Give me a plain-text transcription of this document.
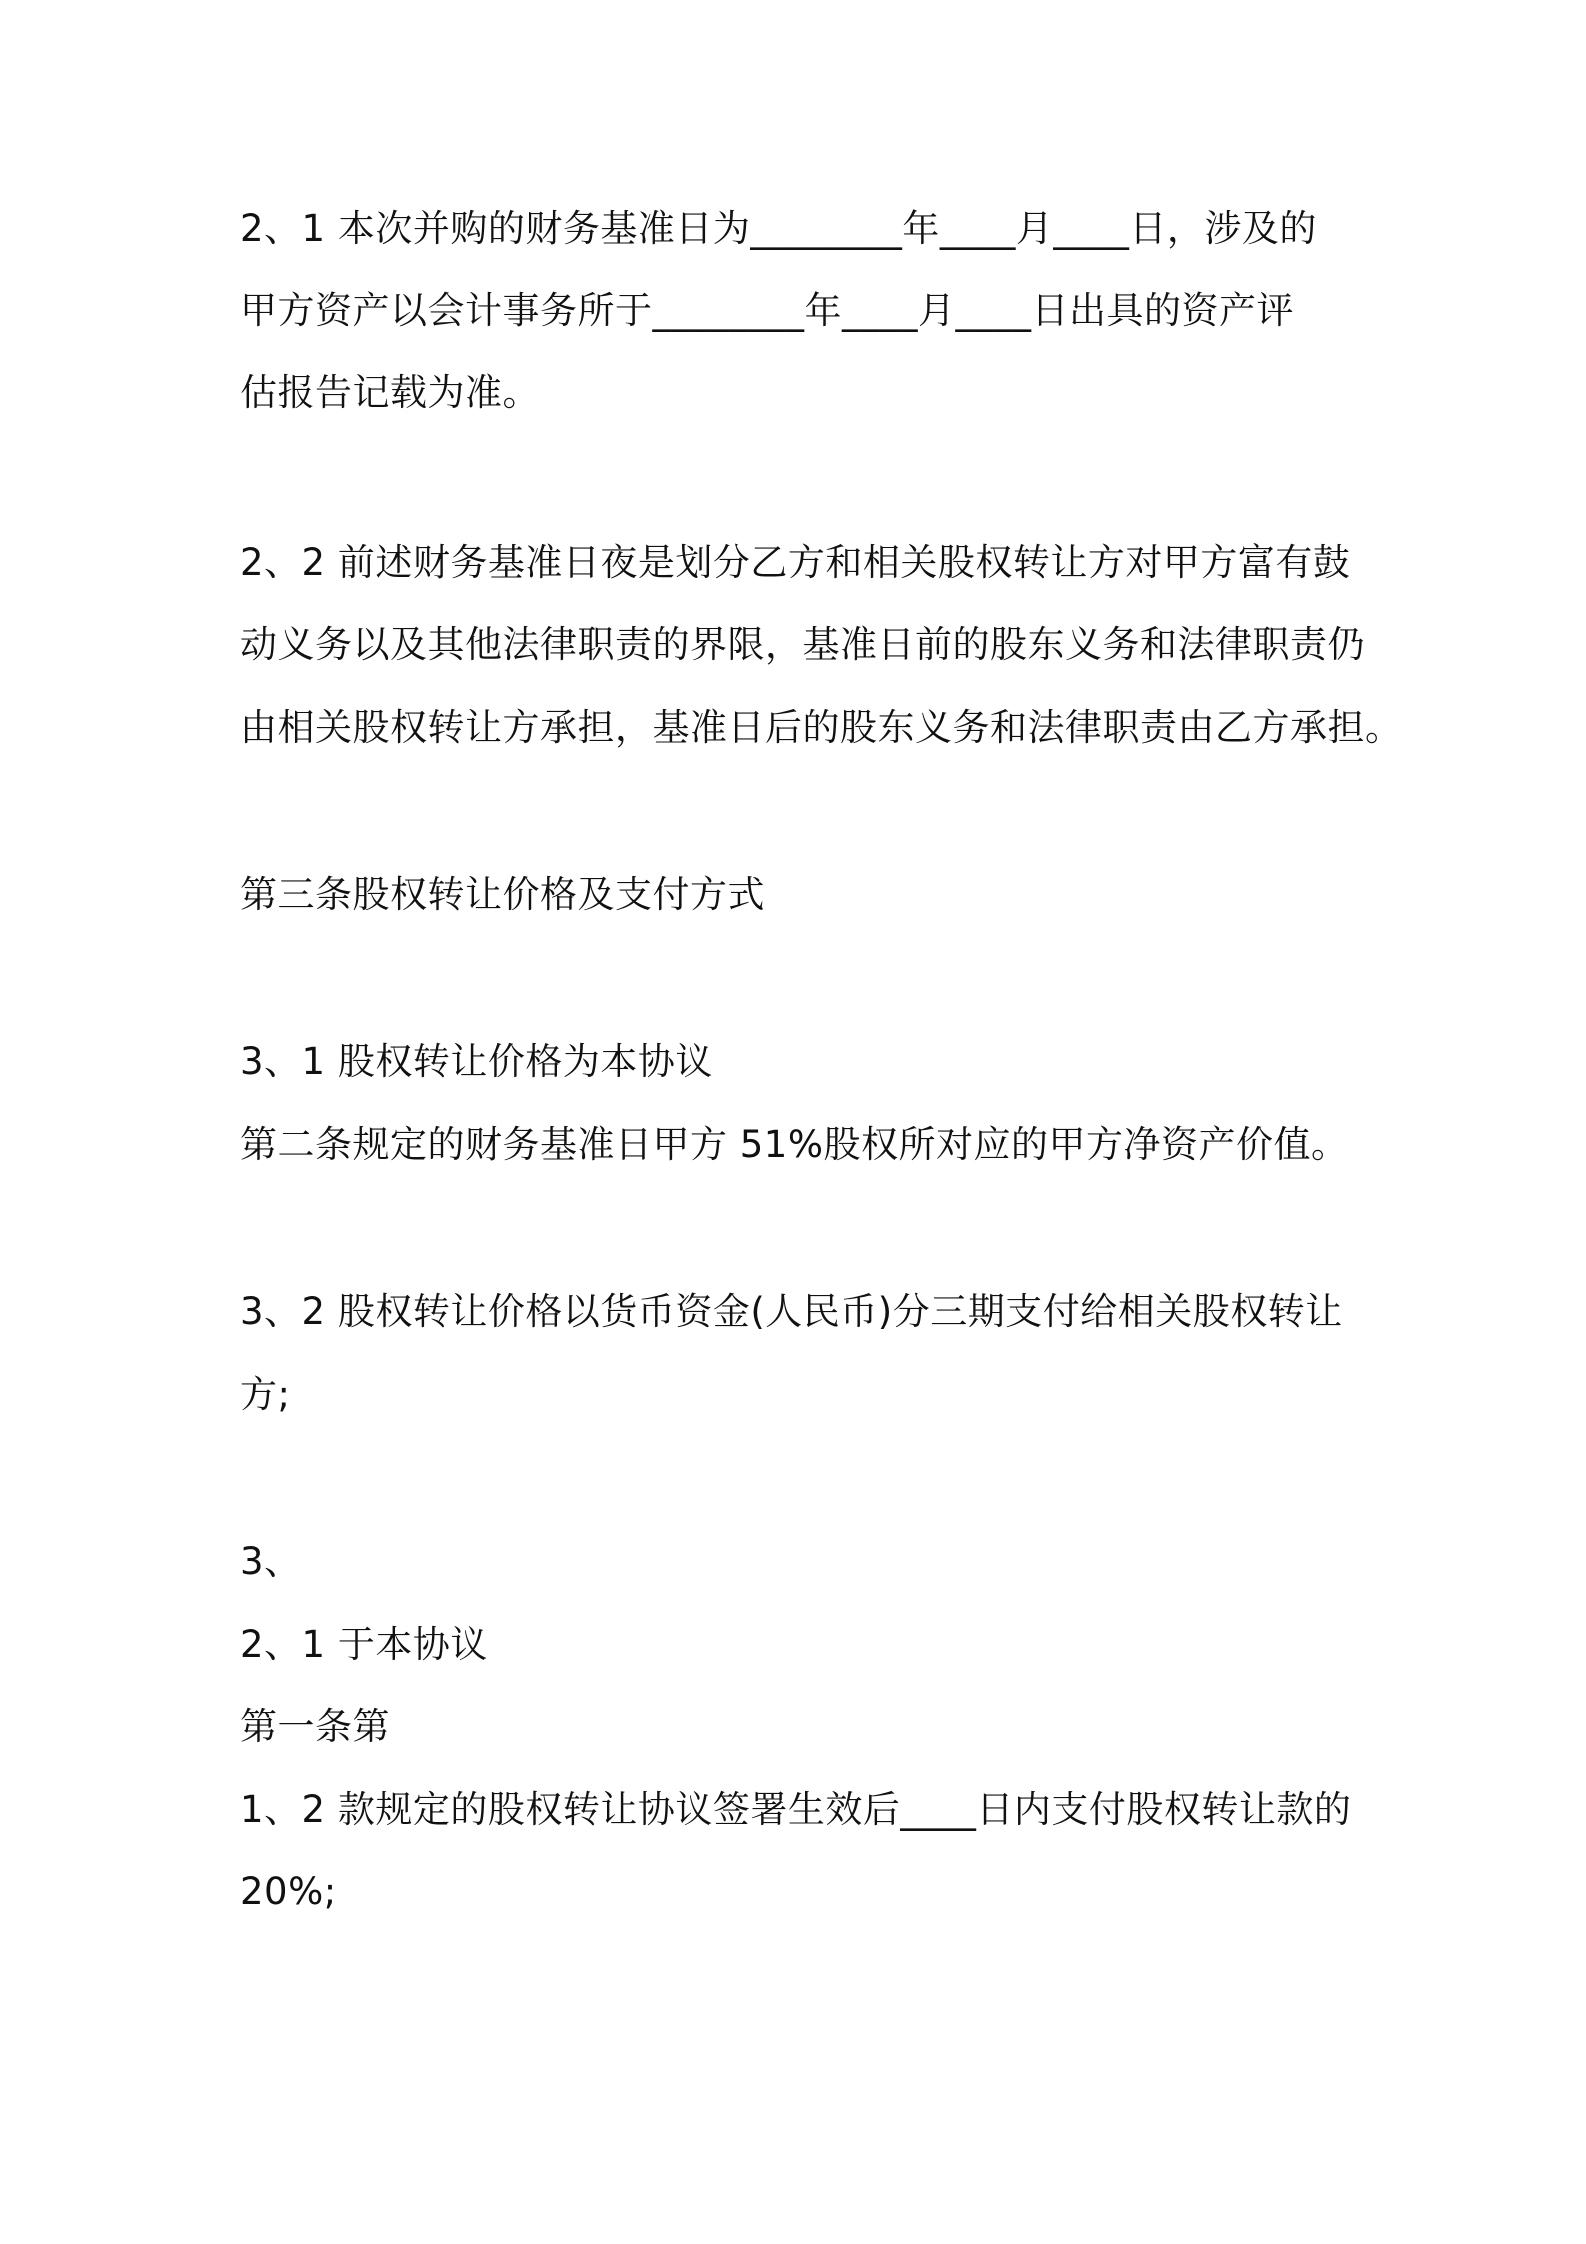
2、1 本次并购的财务基准日为________年____月____日，涉及的

甲方资产以会计事务所于________年____月____日出具的资产评

估报告记载为准。

2、2 前述财务基准日夜是划分乙方和相关股权转让方对甲方富有鼓

动义务以及其他法律职责的界限，基准日前的股东义务和法律职责仍

由相关股权转让方承担，基准日后的股东义务和法律职责由乙方承担。

第三条股权转让价格及支付方式

3、1 股权转让价格为本协议

第二条规定的财务基准日甲方 51%股权所对应的甲方净资产价值。

3、2 股权转让价格以货币资金(人民币)分三期支付给相关股权转让

方;

3、

2、1 于本协议

第一条第

1、2 款规定的股权转让协议签署生效后____日内支付股权转让款的

20%;
